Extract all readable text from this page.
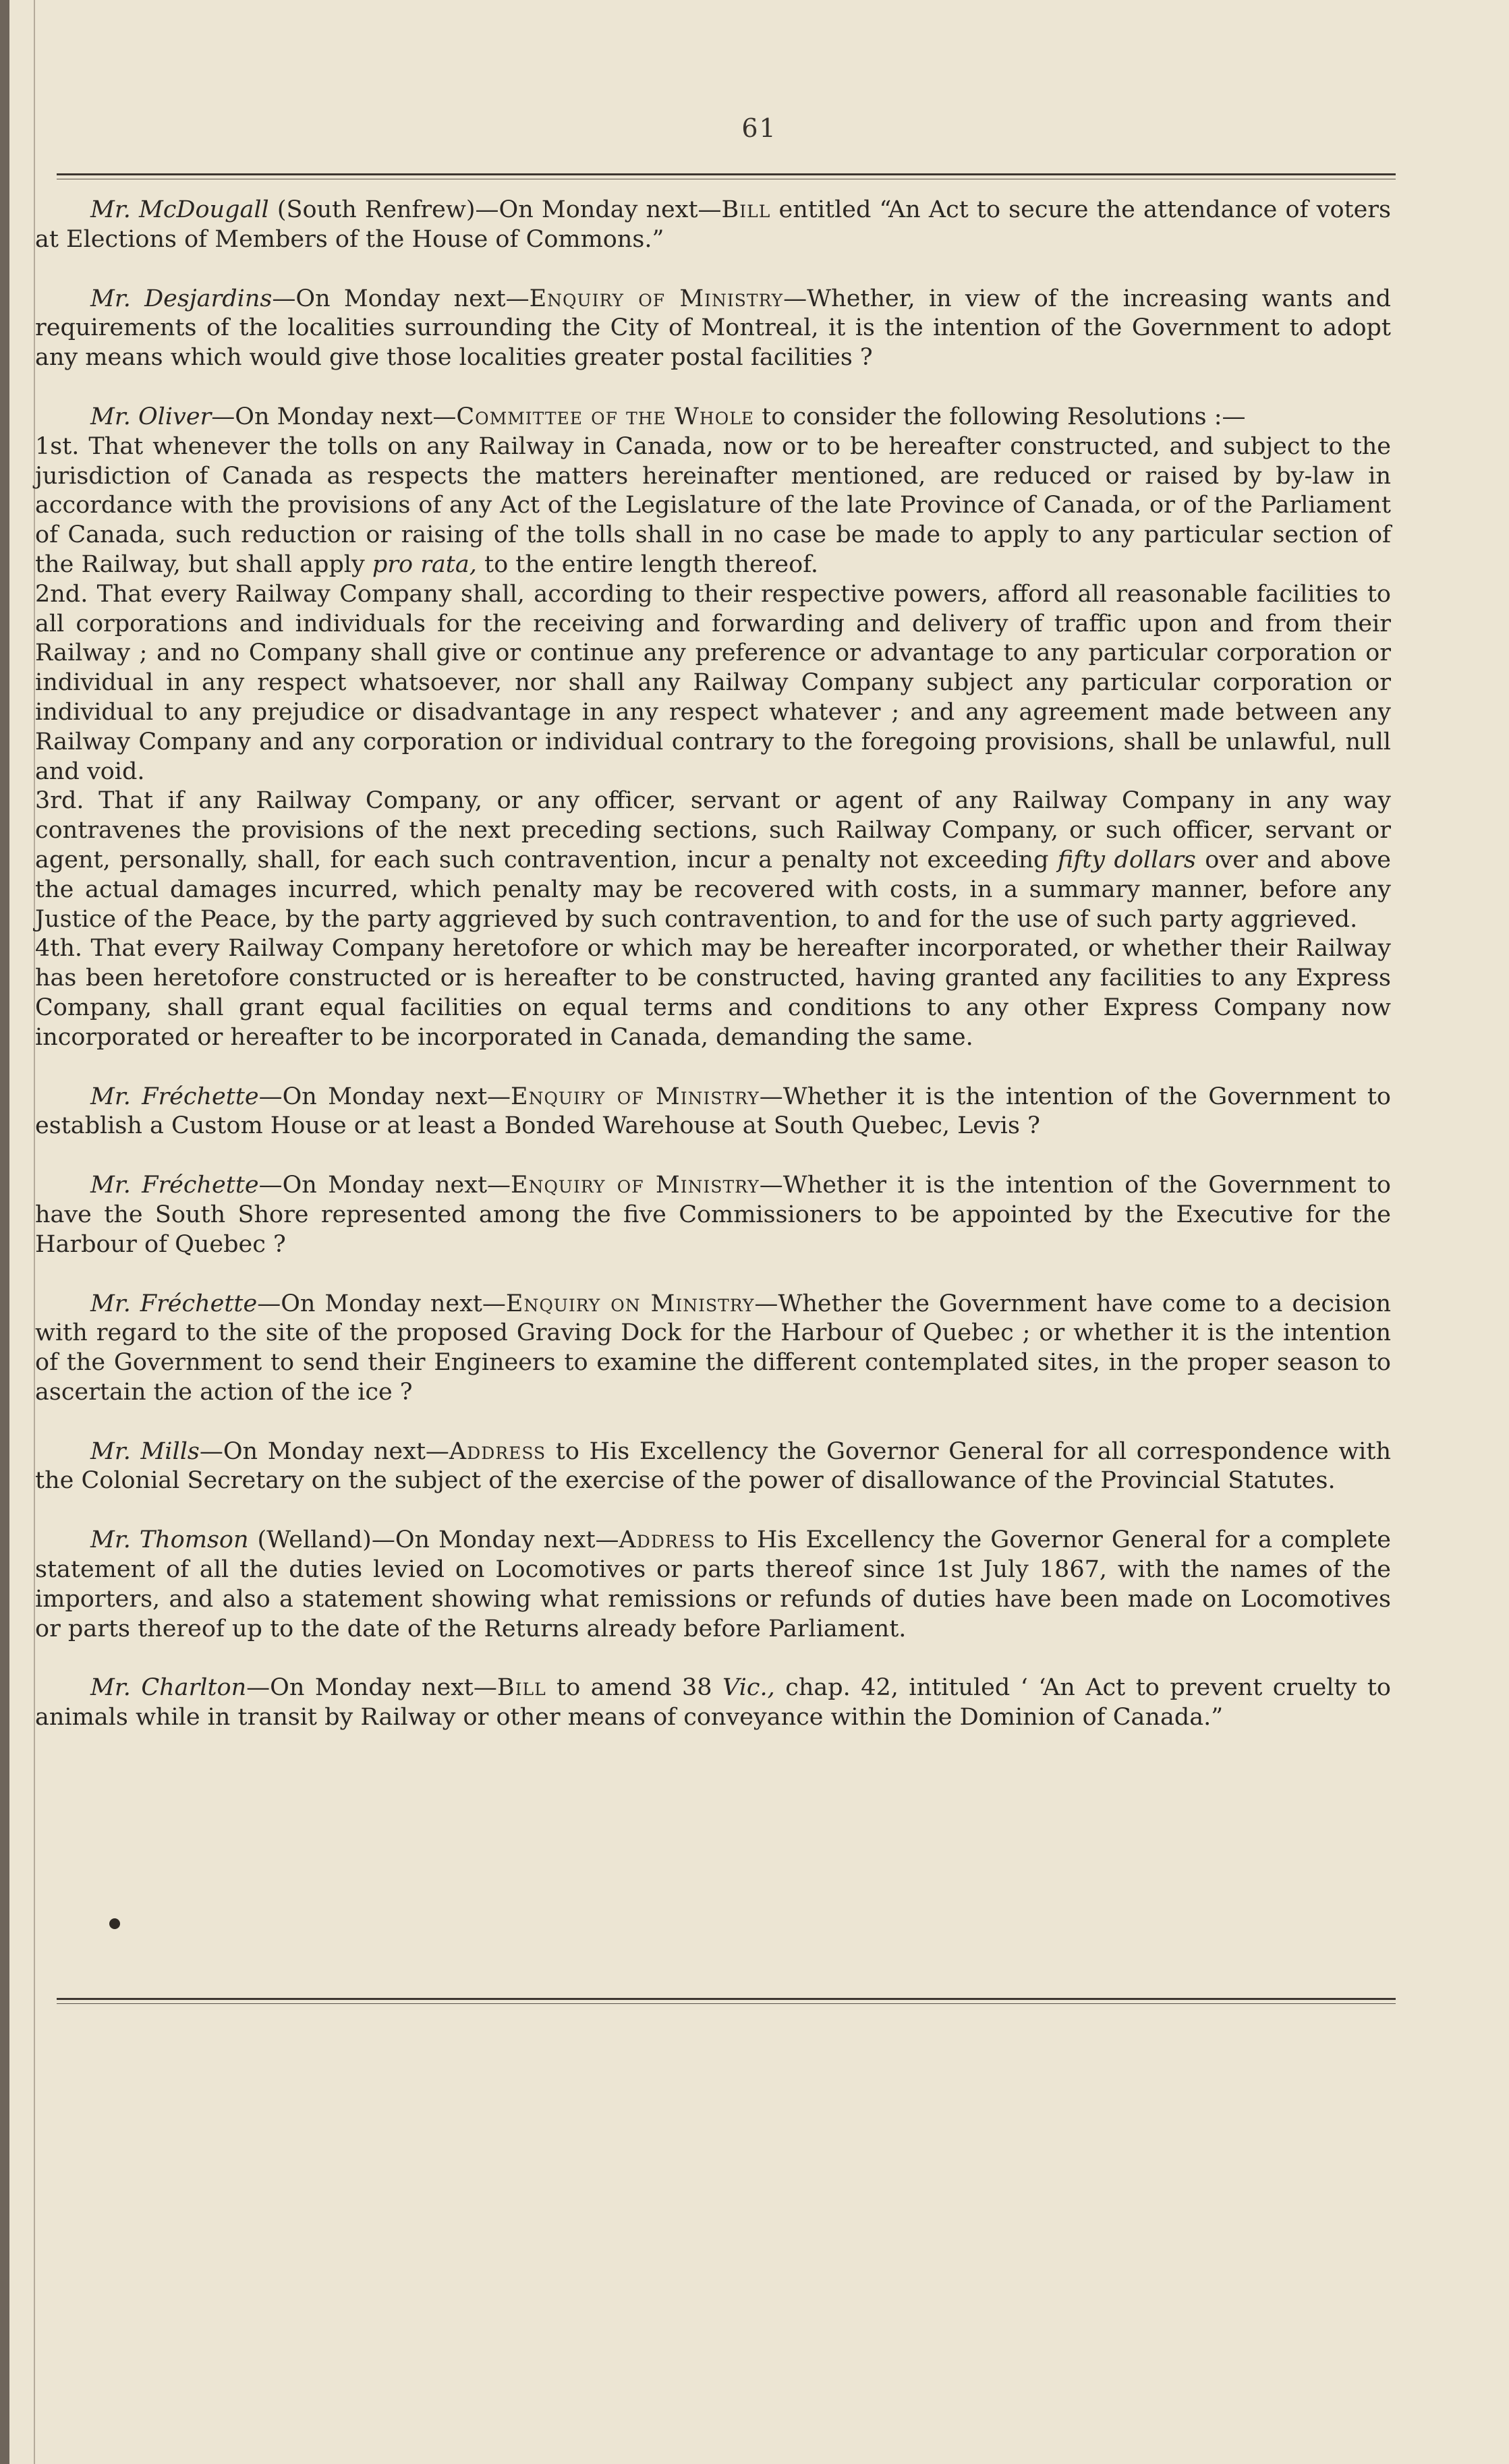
61

Mr. McDougall (South Renfrew)—On Monday next—Bill entitled “An Act to secure the attendance of voters at Elections of Members of the House of Commons.”

Mr. Desjardins—On Monday next—Enquiry of Ministry—Whether, in view of the increasing wants and requirements of the localities surrounding the City of Montreal, it is the intention of the Government to adopt any means which would give those localities greater postal facilities ?

Mr. Oliver—On Monday next—Committee of the Whole to consider the following Resolutions :—

1st. That whenever the tolls on any Railway in Canada, now or to be hereafter constructed, and subject to the jurisdiction of Canada as respects the matters hereinafter mentioned, are reduced or raised by by-law in accordance with the provisions of any Act of the Legislature of the late Province of Canada, or of the Parliament of Canada, such reduction or raising of the tolls shall in no case be made to apply to any particular section of the Railway, but shall apply pro rata, to the entire length thereof.

2nd. That every Railway Company shall, according to their respective powers, afford all reasonable facilities to all corporations and individuals for the receiving and forwarding and delivery of traffic upon and from their Railway ; and no Company shall give or continue any preference or advantage to any particular corporation or individual in any respect whatsoever, nor shall any Railway Company subject any particular corporation or individual to any prejudice or disadvantage in any respect whatever ; and any agreement made between any Railway Company and any corporation or individual contrary to the foregoing provisions, shall be unlawful, null and void.

3rd. That if any Railway Company, or any officer, servant or agent of any Railway Company in any way contravenes the provisions of the next preceding sections, such Railway Company, or such officer, servant or agent, personally, shall, for each such contravention, incur a penalty not exceeding fifty dollars over and above the actual damages incurred, which penalty may be recovered with costs, in a summary manner, before any Justice of the Peace, by the party aggrieved by such contravention, to and for the use of such party aggrieved.

4th. That every Railway Company heretofore or which may be hereafter incorporated, or whether their Railway has been heretofore constructed or is hereafter to be constructed, having granted any facilities to any Express Company, shall grant equal facilities on equal terms and conditions to any other Express Company now incorporated or hereafter to be incorporated in Canada, demanding the same.

Mr. Fréchette—On Monday next—Enquiry of Ministry—Whether it is the intention of the Government to establish a Custom House or at least a Bonded Warehouse at South Quebec, Levis ?

Mr. Fréchette—On Monday next—Enquiry of Ministry—Whether it is the intention of the Government to have the South Shore represented among the five Commissioners to be appointed by the Executive for the Harbour of Quebec ?

Mr. Fréchette—On Monday next—Enquiry on Ministry—Whether the Government have come to a decision with regard to the site of the proposed Graving Dock for the Harbour of Quebec ; or whether it is the intention of the Government to send their Engineers to examine the different contemplated sites, in the proper season to ascertain the action of the ice ?

Mr. Mills—On Monday next—Address to His Excellency the Governor General for all correspondence with the Colonial Secretary on the subject of the exercise of the power of disallowance of the Provincial Statutes.

Mr. Thomson (Welland)—On Monday next—Address to His Excellency the Governor General for a complete statement of all the duties levied on Locomotives or parts thereof since 1st July 1867, with the names of the importers, and also a statement showing what remissions or refunds of duties have been made on Locomotives or parts thereof up to the date of the Returns already before Parliament.

Mr. Charlton—On Monday next—Bill to amend 38 Vic., chap. 42, intituled ‘ ‘An Act to prevent cruelty to animals while in transit by Railway or other means of conveyance within the Dominion of Canada.”
